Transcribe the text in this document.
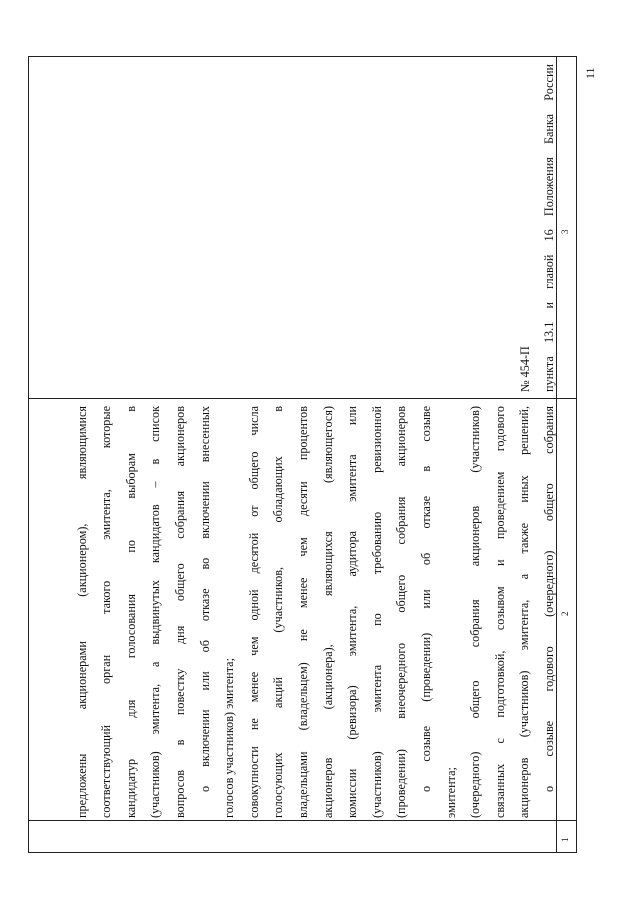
1
2
3
пункта 13.1 и главой 16 Положения Банка России
№ 454-П
о созыве годового (очередного) общего собрания
акционеров (участников) эмитента, а также иных решений,
связанных с подготовкой, созывом и проведением годового
(очередного) общего собрания акционеров (участников)
эмитента;
о созыве (проведении) или об отказе в созыве
(проведении) внеочередного общего собрания акционеров
(участников) эмитента по требованию ревизионной
комиссии (ревизора) эмитента, аудитора эмитента или
акционеров (акционера), являющихся (являющегося)
владельцами (владельцем) не менее чем десяти процентов
голосующих акций (участников, обладающих в
совокупности не менее чем одной десятой от общего числа
голосов участников) эмитента;
о включении или об отказе во включении внесенных
вопросов в повестку дня общего собрания акционеров
(участников) эмитента, а выдвинутых кандидатов – в список
кандидатур для голосования по выборам в
соответствующий орган такого эмитента, которые
предложены акционерами (акционером), являющимися
11
